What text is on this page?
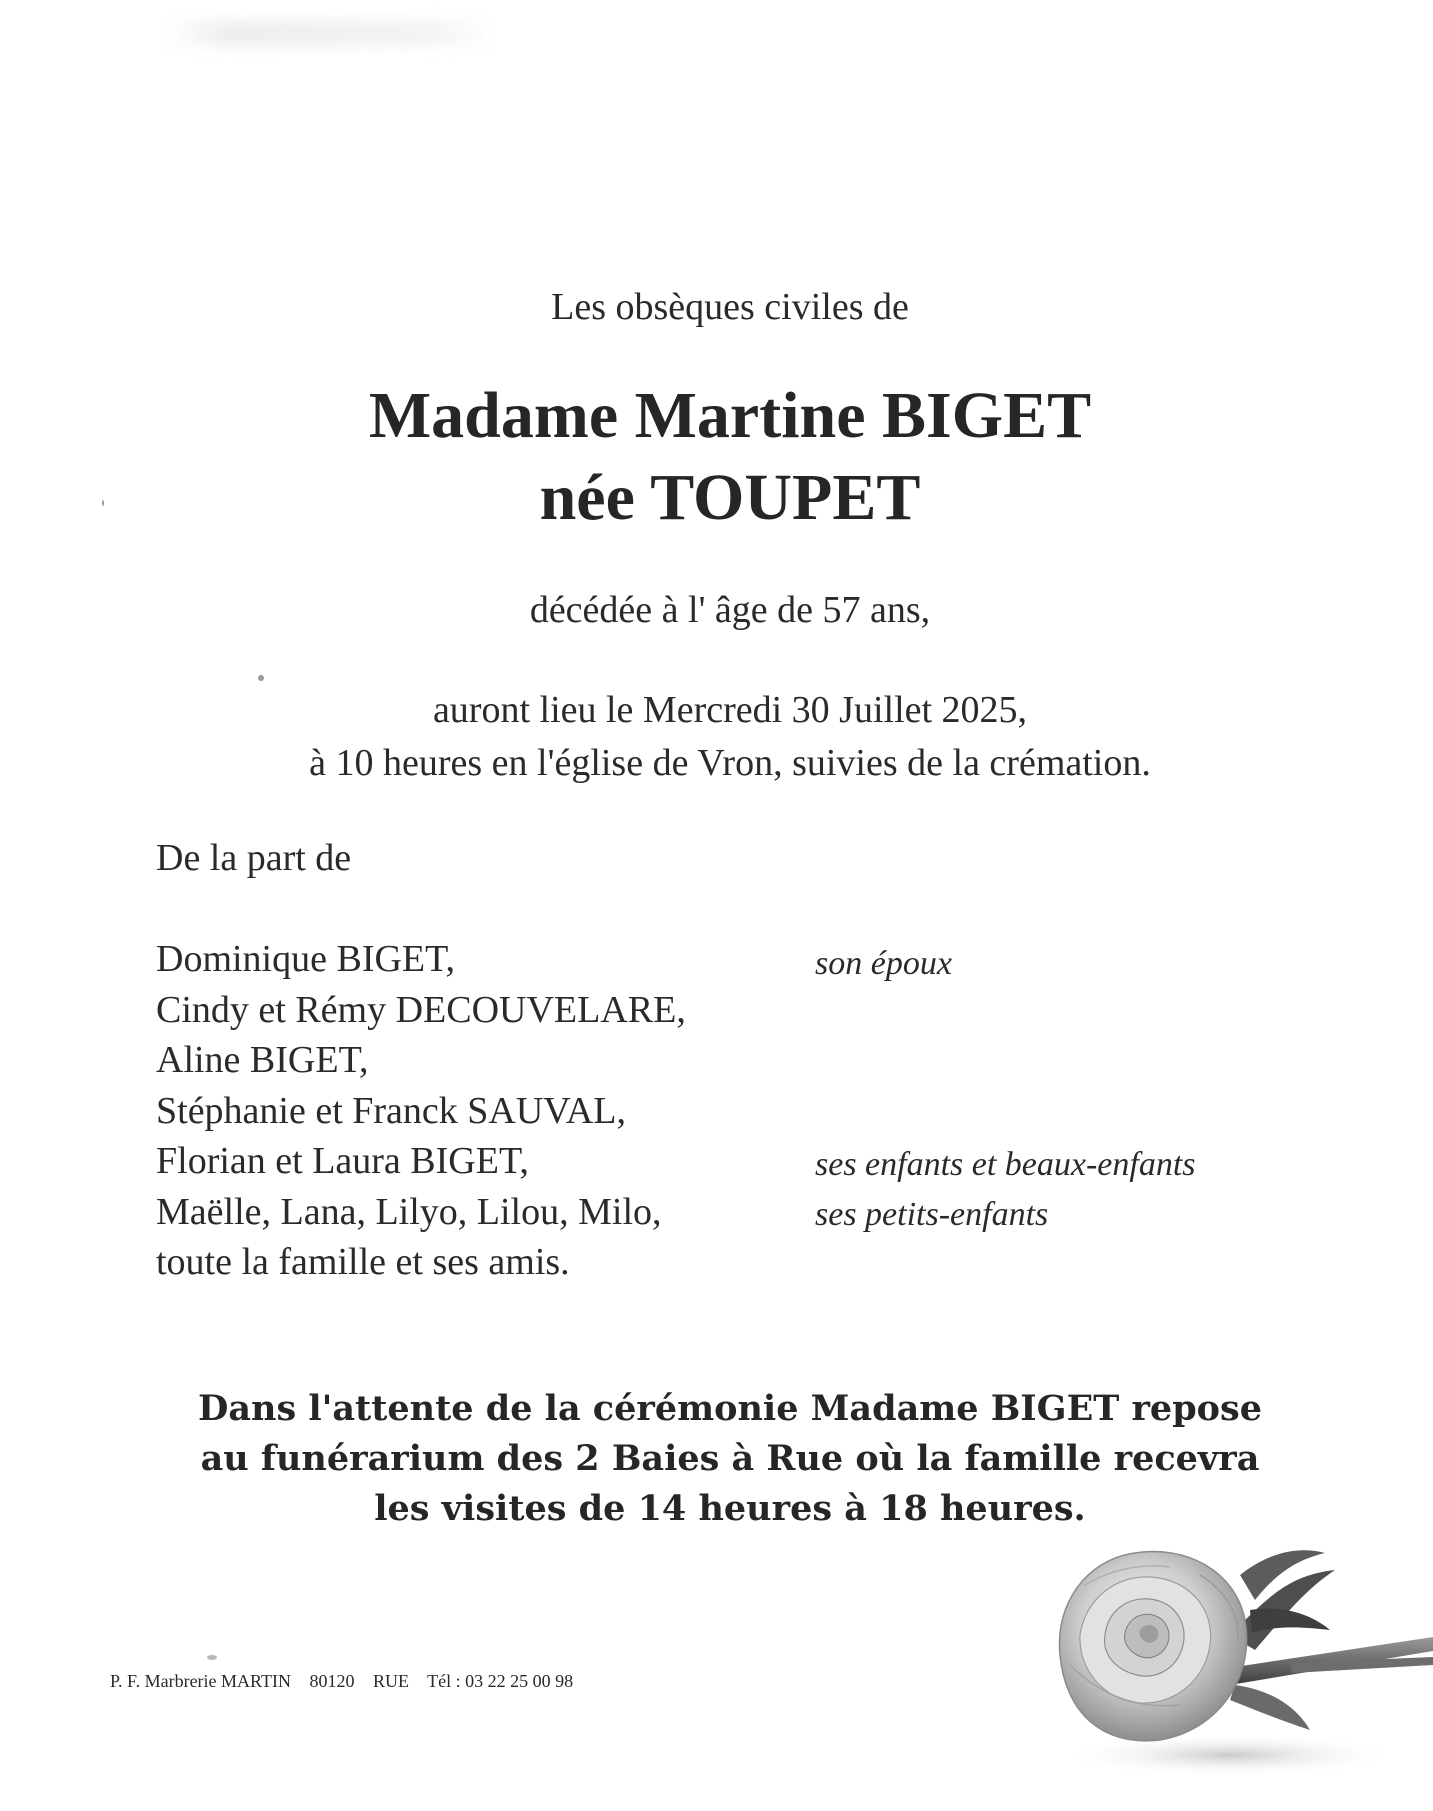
Les obsèques civiles de
Madame Martine BIGET
née TOUPET
décédée à l' âge de 57 ans,
auront lieu le Mercredi 30 Juillet 2025,
à 10 heures en l'église de Vron, suivies de la crémation.
De la part de
Dominique BIGET,
Cindy et Rémy DECOUVELARE,
Aline BIGET,
Stéphanie et Franck SAUVAL,
Florian et Laura BIGET,
Maëlle, Lana, Lilyo, Lilou, Milo,
toute la famille et ses amis.
son époux
ses enfants et beaux-enfants
ses petits-enfants
Dans l'attente de la cérémonie Madame BIGET repose
au funérarium des 2 Baies à Rue où la famille recevra
les visites de 14 heures à 18 heures.
P. F. Marbrerie MARTIN 80120 RUE Tél : 03 22 25 00 98
